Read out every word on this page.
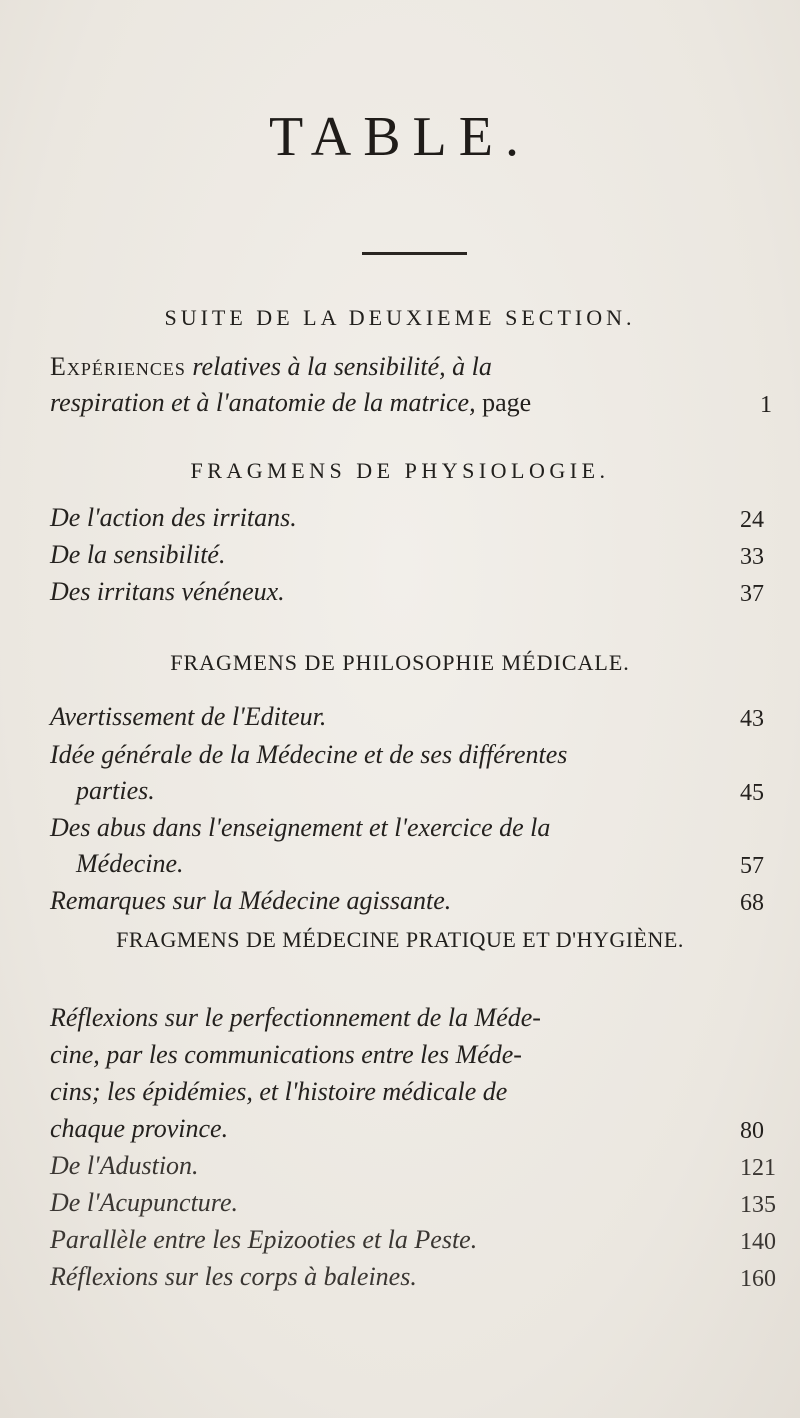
TABLE.
SUITE DE LA DEUXIEME SECTION.
Expériences relatives à la sensibilité, à la
respiration et à l'anatomie de la matrice, page	1
FRAGMENS DE PHYSIOLOGIE.
De l'action des irritans.	24
De la sensibilité.	33
Des irritans vénéneux.	37
FRAGMENS DE PHILOSOPHIE MÉDICALE.
Avertissement de l'Editeur.	43
Idée générale de la Médecine et de ses différentes
parties.	45
Des abus dans l'enseignement et l'exercice de la
Médecine.	57
Remarques sur la Médecine agissante.	68
FRAGMENS DE MÉDECINE PRATIQUE ET D'HYGIÈNE.
Réflexions sur le perfectionnement de la Méde-
cine, par les communications entre les Méde-
cins; les épidémies, et l'histoire médicale de
chaque province.	80
De l'Adustion.	121
De l'Acupuncture.	135
Parallèle entre les Epizooties et la Peste.	140
Réflexions sur les corps à baleines.	160
